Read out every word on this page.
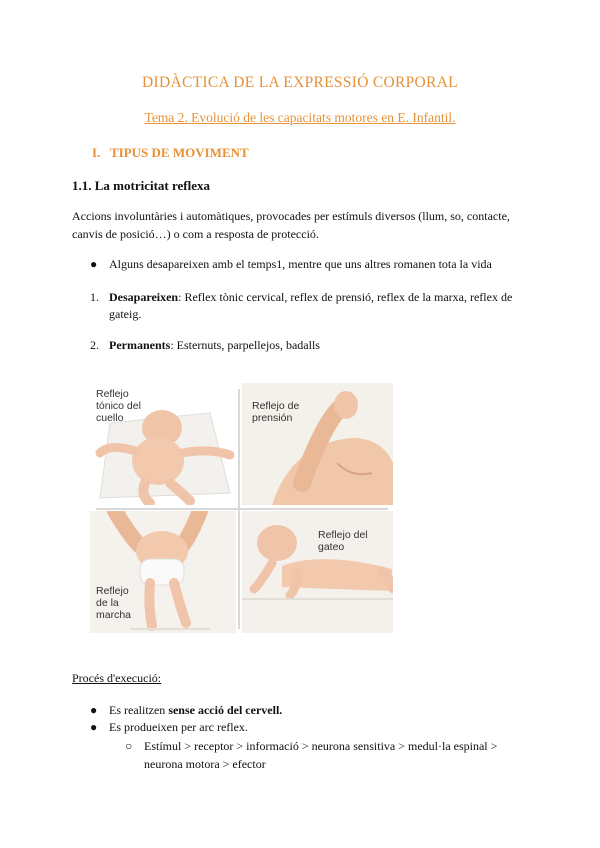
DIDÀCTICA DE LA EXPRESSIÓ CORPORAL
Tema 2. Evolució de les capacitats motores en E. Infantil.
I. TIPUS DE MOVIMENT
1.1. La motricitat reflexa
Accions involuntàries i automàtiques, provocades per estímuls diversos (llum, so, contacte, canvis de posició…) o com a resposta de protecció.
● Alguns desapareixen amb el temps1, mentre que uns altres romanen tota la vida
1. Desapareixen: Reflex tònic cervical, reflex de prensió, reflex de la marxa, reflex de gateig.
2. Permanents: Esternuts, parpellejos, badalls
Reflejo
tónico del
cuello
Reflejo de
prensión
Reflejo
de la
marcha
Reflejo del
gateo
Procés d'execució:
● Es realitzen sense acció del cervell.
● Es produeixen per arc reflex.
○ Estímul > receptor > informació > neurona sensitiva > medul·la espinal > neurona motora > efector
